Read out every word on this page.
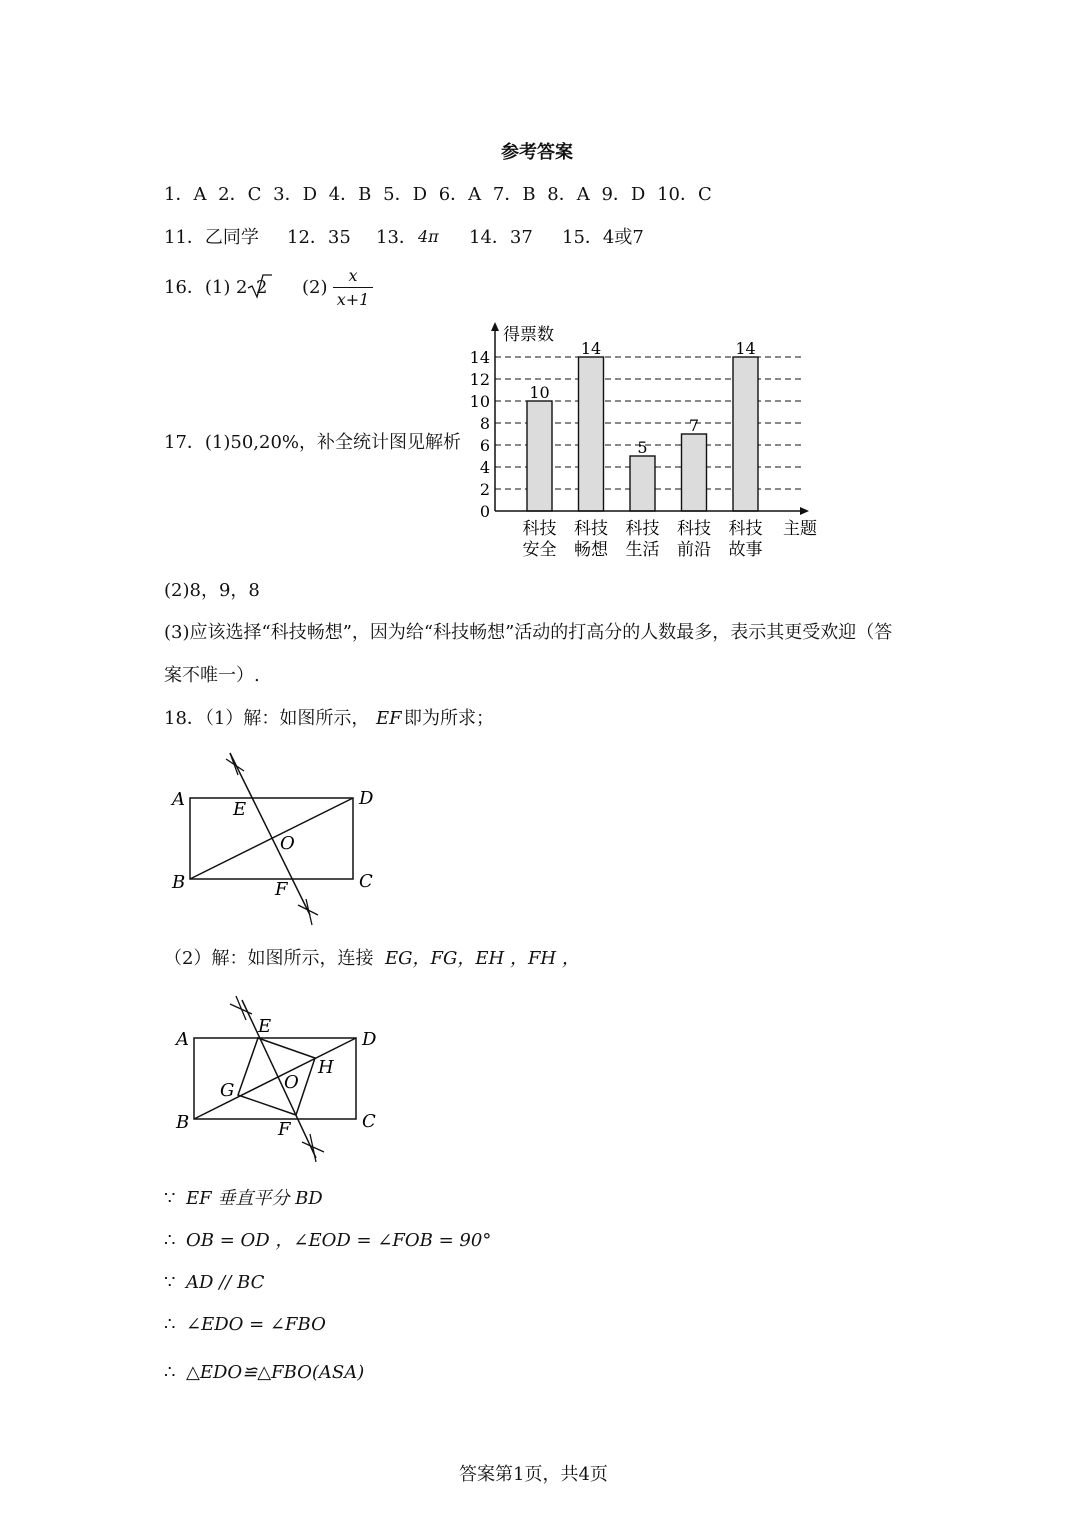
参考答案
1．A 2．C 3．D 4．B 5．D 6．A 7．B 8．A 9．D 10．C
11．乙同学 12．35 13． 4π 14．37 15．4或7
16．(1) 2 2 (2)
x
x+1
17．(1)50,20%，补全统计图见解析
0
2
4
6
8
10
12
14
10
14
5
7
14
科技
安全
科技
畅想
科技
生活
科技
前沿
科技
故事
得票数
主题
(2)8，9，8
(3)应该选择“科技畅想”，因为给“科技畅想”活动的打高分的人数最多，表示其更受欢迎（答
案不唯一）.
18．（1）解：如图所示， EF 即为所求；
A
B	C
D
E
F
O
（2）解：如图所示，连接 EG，FG，EH ，FH ，
A
B	C
D
E
F
O
G
H
∵ EF 垂直平分 BD
∴ OB = OD ，∠EOD = ∠FOB = 90°
∵ AD // BC
∴ ∠EDO = ∠FBO
∴ △EDO≌△FBO(ASA)
答案第1页，共4页
